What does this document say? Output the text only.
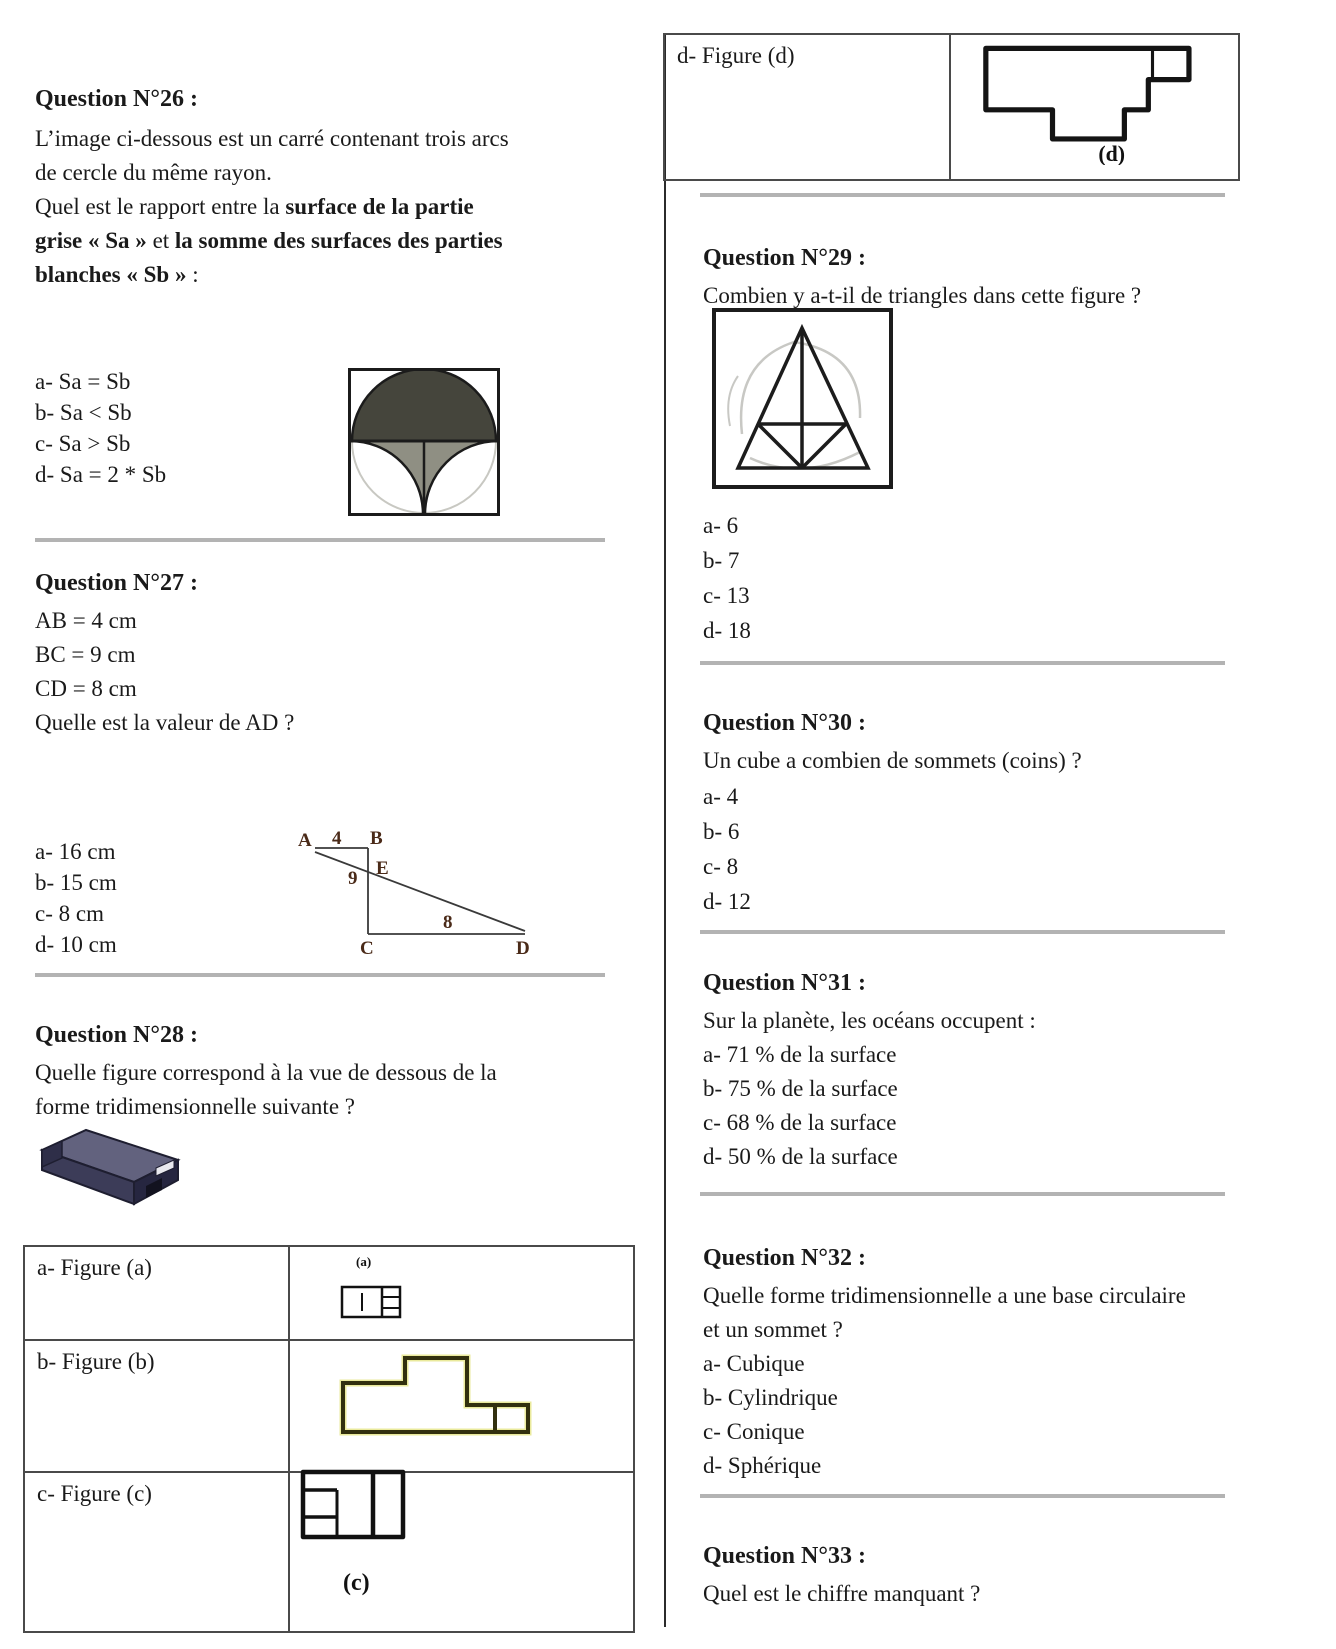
Question N°26 :
L’image ci-dessous est un carré contenant trois arcs
de cercle du même rayon.
Quel est le rapport entre la surface de la partie
grise « Sa » et la somme des surfaces des parties
blanches « Sb » :
a- Sa = Sb
b- Sa < Sb
c- Sa > Sb
d- Sa = 2 * Sb
Question N°27 :
AB = 4 cm
BC = 9 cm
CD = 8 cm
Quelle est la valeur de AD ?
a- 16 cm
b- 15 cm
c- 8 cm
d- 10 cm
A	B
4
E
9
C
8
D
Question N°28 :
Quelle figure correspond à la vue de dessous de la
forme tridimensionnelle suivante ?
a- Figure (a)	
b- Figure (b)	
c- Figure (c)	
(a)
(c)
d- Figure (d)	
(d)
Question N°29 :
Combien y a-t-il de triangles dans cette figure ?
a- 6
b- 7
c- 13
d- 18
Question N°30 :
Un cube a combien de sommets (coins) ?
a- 4
b- 6
c- 8
d- 12
Question N°31 :
Sur la planète, les océans occupent :
a- 71 % de la surface
b- 75 % de la surface
c- 68 % de la surface
d- 50 % de la surface
Question N°32 :
Quelle forme tridimensionnelle a une base circulaire
et un sommet ?
a- Cubique
b- Cylindrique
c- Conique
d- Sphérique
Question N°33 :
Quel est le chiffre manquant ?
